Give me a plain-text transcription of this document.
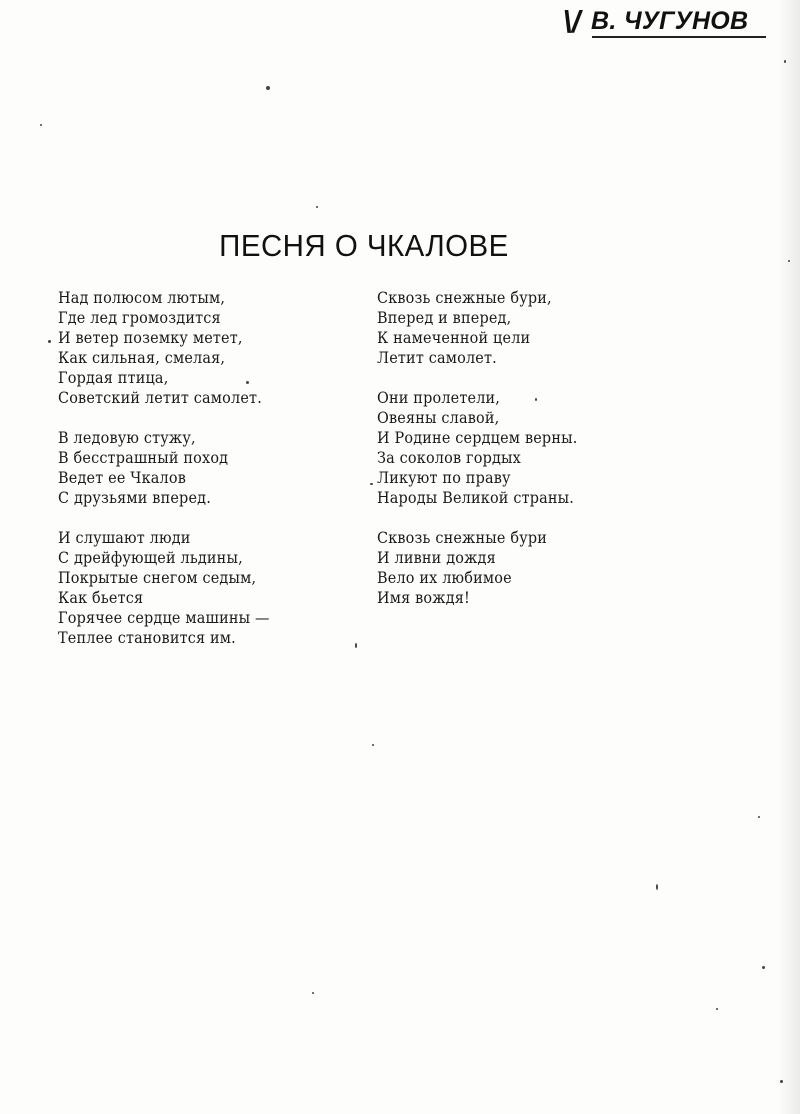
\/ В. ЧУГУНОВ
ПЕСНЯ О ЧКАЛОВЕ
Над полюсом лютым,
Где лед громоздится
И ветер поземку метет,
Как сильная, смелая,
Гордая птица,
Советский летит самолет.
В ледовую стужу,
В бесстрашный поход
Ведет ее Чкалов
С друзьями вперед.
И слушают люди
С дрейфующей льдины,
Покрытые снегом седым,
Как бьется
Горячее сердце машины —
Теплее становится им.
Сквозь снежные бури,
Вперед и вперед,
К намеченной цели
Летит самолет.
Они пролетели,
Овеяны славой,
И Родине сердцем верны.
За соколов гордых
Ликуют по праву
Народы Великой страны.
Сквозь снежные бури
И ливни дождя
Вело их любимое
Имя вождя!
